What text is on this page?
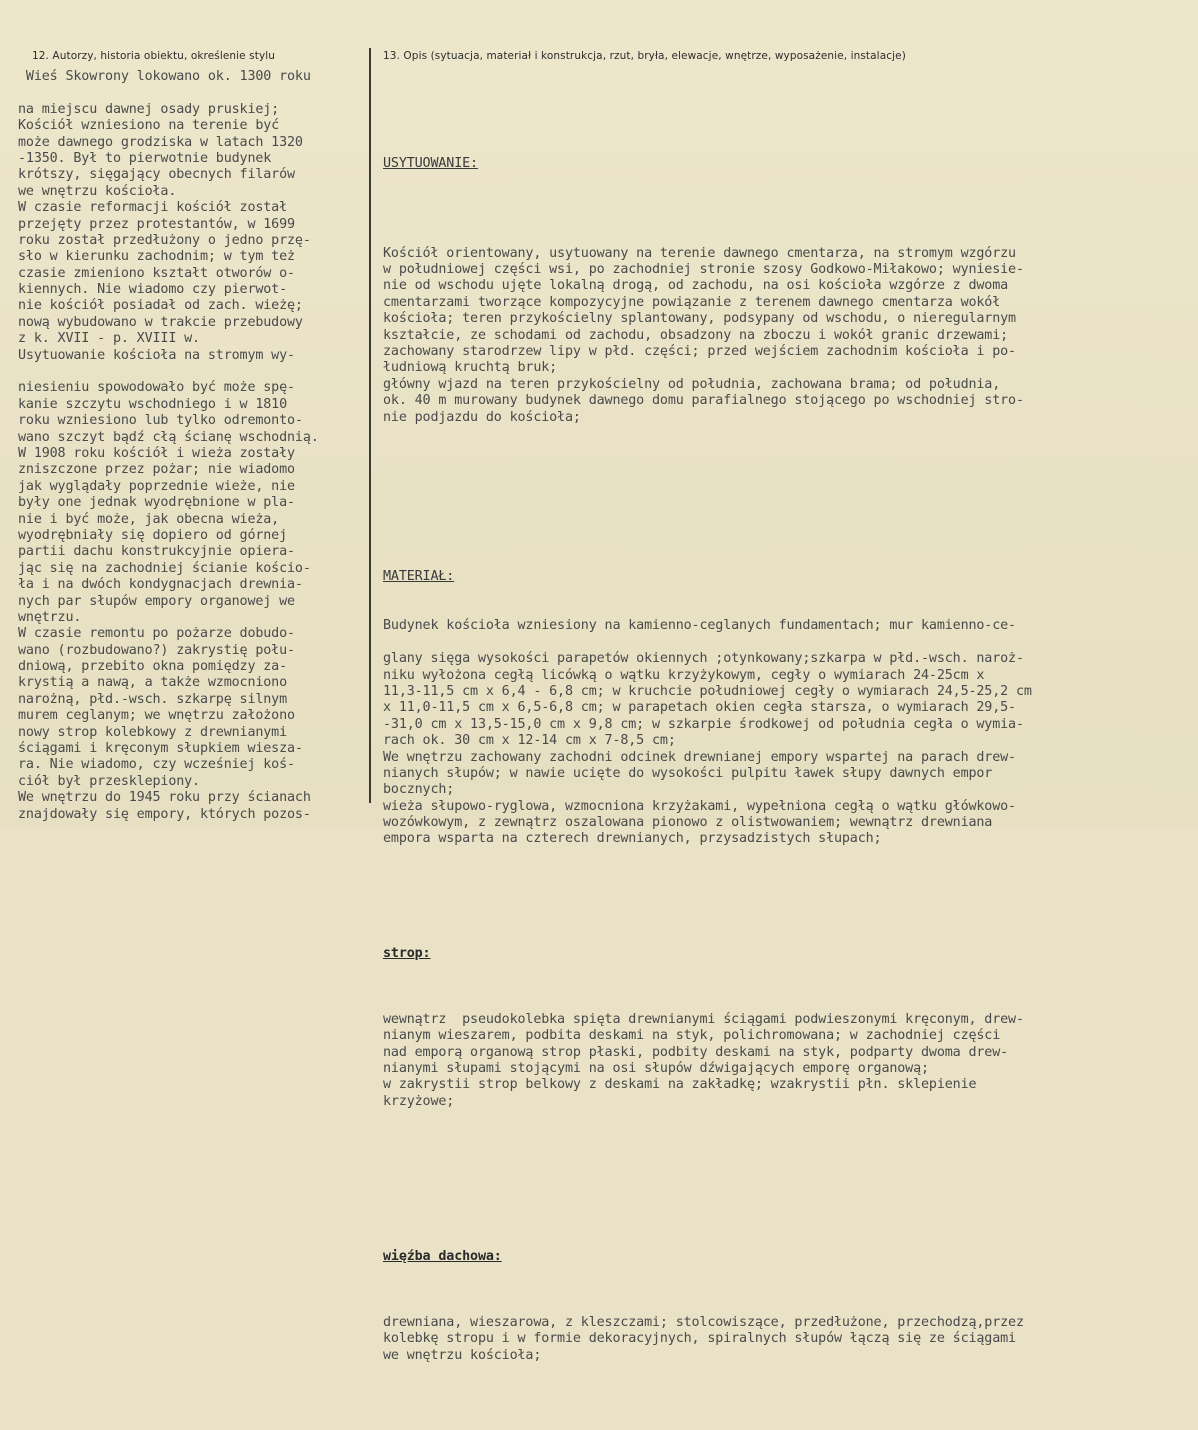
12. Autorzy, historia obiektu, określenie stylu	13. Opis (sytuacja, materiał i konstrukcja, rzut, bryła, elewacje, wnętrze, wyposażenie, instalacje)
Wieś Skowrony lokowano ok. 1300 roku
na miejscu dawnej osady pruskiej;
Kościół wzniesiono na terenie być
może dawnego grodziska w latach 1320
-1350. Był to pierwotnie budynek
krótszy, sięgający obecnych filarów
we wnętrzu kościoła.
W czasie reformacji kościół został
przejęty przez protestantów, w 1699
roku został przedłużony o jedno przę-
sło w kierunku zachodnim; w tym też
czasie zmieniono kształt otworów o-
kiennych. Nie wiadomo czy pierwot-
nie kościół posiadał od zach. wieżę;
nową wybudowano w trakcie przebudowy
z k. XVII - p. XVIII w.
Usytuowanie kościoła na stromym wy-
niesieniu spowodowało być może spę-
kanie szczytu wschodniego i w 1810
roku wzniesiono lub tylko odremonto-
wano szczyt bądź cłą ścianę wschodnią.
W 1908 roku kościół i wieża zostały
zniszczone przez pożar; nie wiadomo
jak wyglądały poprzednie wieże, nie
były one jednak wyodrębnione w pla-
nie i być może, jak obecna wieża,
wyodrębniały się dopiero od górnej
partii dachu konstrukcyjnie opiera-
jąc się na zachodniej ścianie kościo-
ła i na dwóch kondygnacjach drewnia-
nych par słupów empory organowej we
wnętrzu.
W czasie remontu po pożarze dobudo-
wano (rozbudowano?) zakrystię połu-
dniową, przebito okna pomiędzy za-
krystią a nawą, a także wzmocniono
narożną, płd.-wsch. szkarpę silnym
murem ceglanym; we wnętrzu założono
nowy strop kolebkowy z drewnianymi
ściągami i kręconym słupkiem wiesza-
ra. Nie wiadomo, czy wcześniej koś-
ciół był przesklepiony.
We wnętrzu do 1945 roku przy ścianach
znajdowały się empory, których pozos-

USYTUOWANIE:

Kościół orientowany, usytuowany na terenie dawnego cmentarza, na stromym wzgórzu
w południowej części wsi, po zachodniej stronie szosy Godkowo-Miłakowo; wyniesie-
nie od wschodu ujęte lokalną drogą, od zachodu, na osi kościoła wzgórze z dwoma
cmentarzami tworzące kompozycyjne powiązanie z terenem dawnego cmentarza wokół
kościoła; teren przykościelny splantowany, podsypany od wschodu, o nieregularnym
kształcie, ze schodami od zachodu, obsadzony na zboczu i wokół granic drzewami;
zachowany starodrzew lipy w płd. części; przed wejściem zachodnim kościoła i po-
łudniową kruchtą bruk;
główny wjazd na teren przykościelny od południa, zachowana brama; od południa,
ok. 40 m murowany budynek dawnego domu parafialnego stojącego po wschodniej stro-
nie podjazdu do kościoła;

MATERIAŁ:

Budynek kościoła wzniesiony na kamienno-ceglanych fundamentach; mur kamienno-ce-
glany sięga wysokości parapetów okiennych ;otynkowany;szkarpa w płd.-wsch. naroż-
niku wyłożona cegłą licówką o wątku krzyżykowym, cegły o wymiarach 24-25cm x
11,3-11,5 cm x 6,4 - 6,8 cm; w kruchcie południowej cegły o wymiarach 24,5-25,2 cm
x 11,0-11,5 cm x 6,5-6,8 cm; w parapetach okien cegła starsza, o wymiarach 29,5-
-31,0 cm x 13,5-15,0 cm x 9,8 cm; w szkarpie środkowej od południa cegła o wymia-
rach ok. 30 cm x 12-14 cm x 7-8,5 cm;
We wnętrzu zachowany zachodni odcinek drewnianej empory wspartej na parach drew-
nianych słupów; w nawie ucięte do wysokości pulpitu ławek słupy dawnych empor
bocznych;
wieża słupowo-ryglowa, wzmocniona krzyżakami, wypełniona cegłą o wątku główkowo-
wozówkowym, z zewnątrz oszalowana pionowo z olistwowaniem; wewnątrz drewniana
empora wsparta na czterech drewnianych, przysadzistych słupach;

strop:

wewnątrz  pseudokolebka spięta drewnianymi ściągami podwieszonymi kręconym, drew-
nianym wieszarem, podbita deskami na styk, polichromowana; w zachodniej części
nad emporą organową strop płaski, podbity deskami na styk, podparty dwoma drew-
nianymi słupami stojącymi na osi słupów dźwigających emporę organową;
w zakrystii strop belkowy z deskami na zakładkę; wzakrystii płn. sklepienie
krzyżowe;

więźba dachowa:

drewniana, wieszarowa, z kleszczami; stolcowiszące, przedłużone, przechodzą,przez
kolebkę stropu i w formie dekoracyjnych, spiralnych słupów łączą się ze ściągami
we wnętrzu kościoła;
